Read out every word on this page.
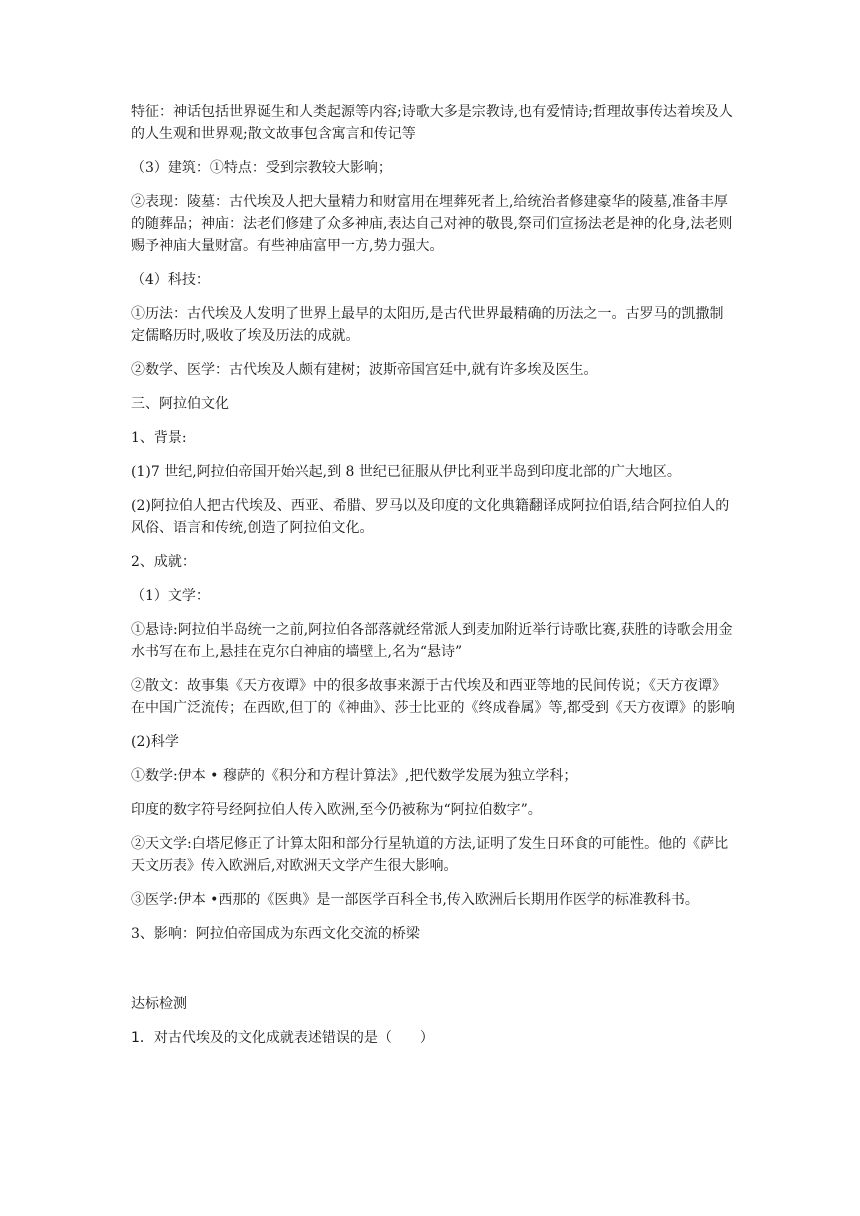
特征：神话包括世界诞生和人类起源等内容;诗歌大多是宗教诗,也有爱情诗;哲理故事传达着埃及人的人生观和世界观;散文故事包含寓言和传记等

（3）建筑：①特点：受到宗教较大影响；

②表现：陵墓：古代埃及人把大量精力和财富用在埋葬死者上,给统治者修建豪华的陵墓,准备丰厚的随葬品；神庙：法老们修建了众多神庙,表达自己对神的敬畏,祭司们宣扬法老是神的化身,法老则赐予神庙大量财富。有些神庙富甲一方,势力强大。

（4）科技：

①历法：古代埃及人发明了世界上最早的太阳历,是古代世界最精确的历法之一。古罗马的凯撒制定儒略历时,吸收了埃及历法的成就。

②数学、医学：古代埃及人颇有建树；波斯帝国宫廷中,就有许多埃及医生。

三、阿拉伯文化

1、背景:

(1)7 世纪,阿拉伯帝国开始兴起,到 8 世纪已征服从伊比利亚半岛到印度北部的广大地区。

(2)阿拉伯人把古代埃及、西亚、希腊、罗马以及印度的文化典籍翻译成阿拉伯语,结合阿拉伯人的风俗、语言和传统,创造了阿拉伯文化。

2、成就：

（1）文学：

①悬诗:阿拉伯半岛统一之前,阿拉伯各部落就经常派人到麦加附近举行诗歌比赛,获胜的诗歌会用金水书写在布上,悬挂在克尔白神庙的墙壁上,名为“悬诗”

②散文：故事集《天方夜谭》中的很多故事来源于古代埃及和西亚等地的民间传说；《天方夜谭》在中国广泛流传；在西欧,但丁的《神曲》、莎士比亚的《终成眷属》等,都受到《天方夜谭》的影响

(2)科学

①数学:伊本 • 穆萨的《积分和方程计算法》,把代数学发展为独立学科；

印度的数字符号经阿拉伯人传入欧洲,至今仍被称为“阿拉伯数字”。

②天文学:白塔尼修正了计算太阳和部分行星轨道的方法,证明了发生日环食的可能性。他的《萨比天文历表》传入欧洲后,对欧洲天文学产生很大影响。

③医学:伊本 •西那的《医典》是一部医学百科全书,传入欧洲后长期用作医学的标准教科书。

3、影响：阿拉伯帝国成为东西文化交流的桥梁

达标检测

1．对古代埃及的文化成就表述错误的是（　　）
